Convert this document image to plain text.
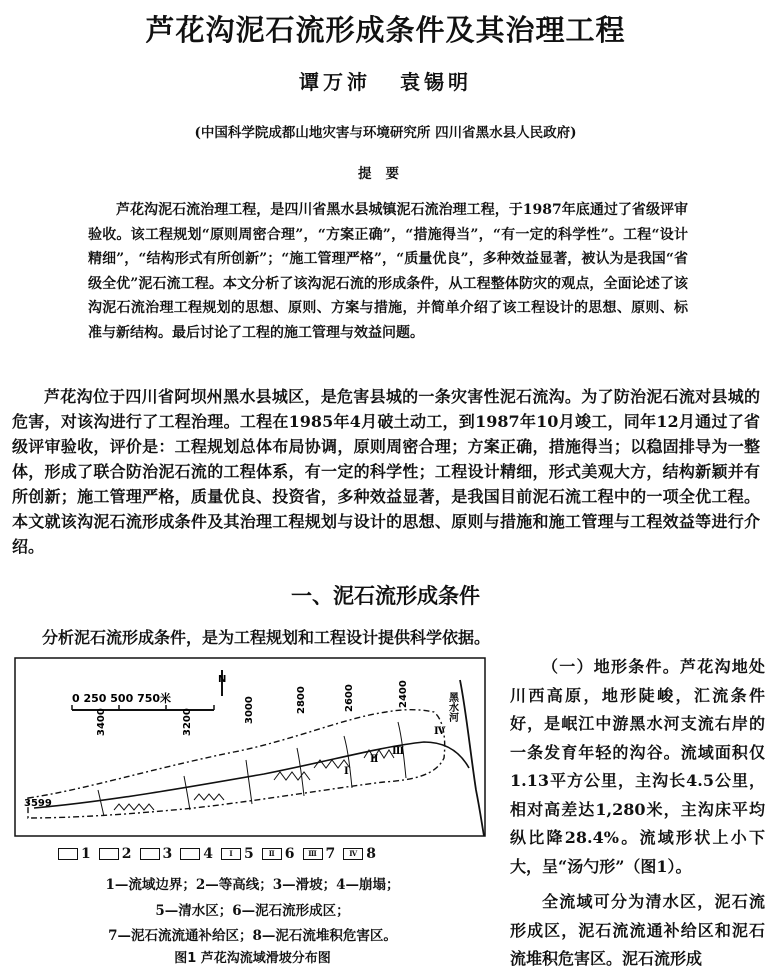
芦花沟泥石流形成条件及其治理工程
谭万沛 袁锡明
(中国科学院成都山地灾害与环境研究所 四川省黑水县人民政府)
提要
芦花沟泥石流治理工程，是四川省黑水县城镇泥石流治理工程，于1987年底通过了省级评审验收。该工程规划“原则周密合理”，“方案正确”，“措施得当”，“有一定的科学性”。工程“设计精细”，“结构形式有所创新”；“施工管理严格”，“质量优良”，多种效益显著，被认为是我国“省级全优”泥石流工程。本文分析了该沟泥石流的形成条件，从工程整体防灾的观点，全面论述了该沟泥石流治理工程规划的思想、原则、方案与措施，并简单介绍了该工程设计的思想、原则、标准与新结构。最后讨论了工程的施工管理与效益问题。
芦花沟位于四川省阿坝州黑水县城区，是危害县城的一条灾害性泥石流沟。为了防治泥石流对县城的危害，对该沟进行了工程治理。工程在1985年4月破土动工，到1987年10月竣工，同年12月通过了省级评审验收，评价是：工程规划总体布局协调，原则周密合理；方案正确，措施得当；以稳固排导为一整体，形成了联合防治泥石流的工程体系，有一定的科学性；工程设计精细，形式美观大方，结构新颖并有所创新；施工管理严格，质量优良、投资省，多种效益显著，是我国目前泥石流工程中的一项全优工程。本文就该沟泥石流形成条件及其治理工程规划与设计的思想、原则与措施和施工管理与工程效益等进行介绍。
一、泥石流形成条件
分析泥石流形成条件，是为工程规划和工程设计提供科学依据。
（一）地形条件。芦花沟地处川西高原，地形陡峻，汇流条件好，是岷江中游黑水河支流右岸的一条发育年轻的沟谷。流域面积仅1.13平方公里，主沟长4.5公里，相对高差达1,280米，主沟床平均纵比降28.4%。流域形状上小下大，呈“汤勺形”（图1）。
全流域可分为清水区，泥石流形成区，泥石流流通补给区和泥石流堆积危害区。泥石流形成
0 250 500 750米
N
黑水河
3400	3200	3000	2800	2600	2400
3599
Ⅰ
Ⅱ
Ⅲ
Ⅳ
1 2 3 4	Ⅰ 5	Ⅱ 6	Ⅲ 7	Ⅳ 8
1—流域边界；2—等高线；3—滑坡；4—崩塌；
5—清水区；6—泥石流形成区；
7—泥石流流通补给区；8—泥石流堆积危害区。
图1 芦花沟流域滑坡分布图
